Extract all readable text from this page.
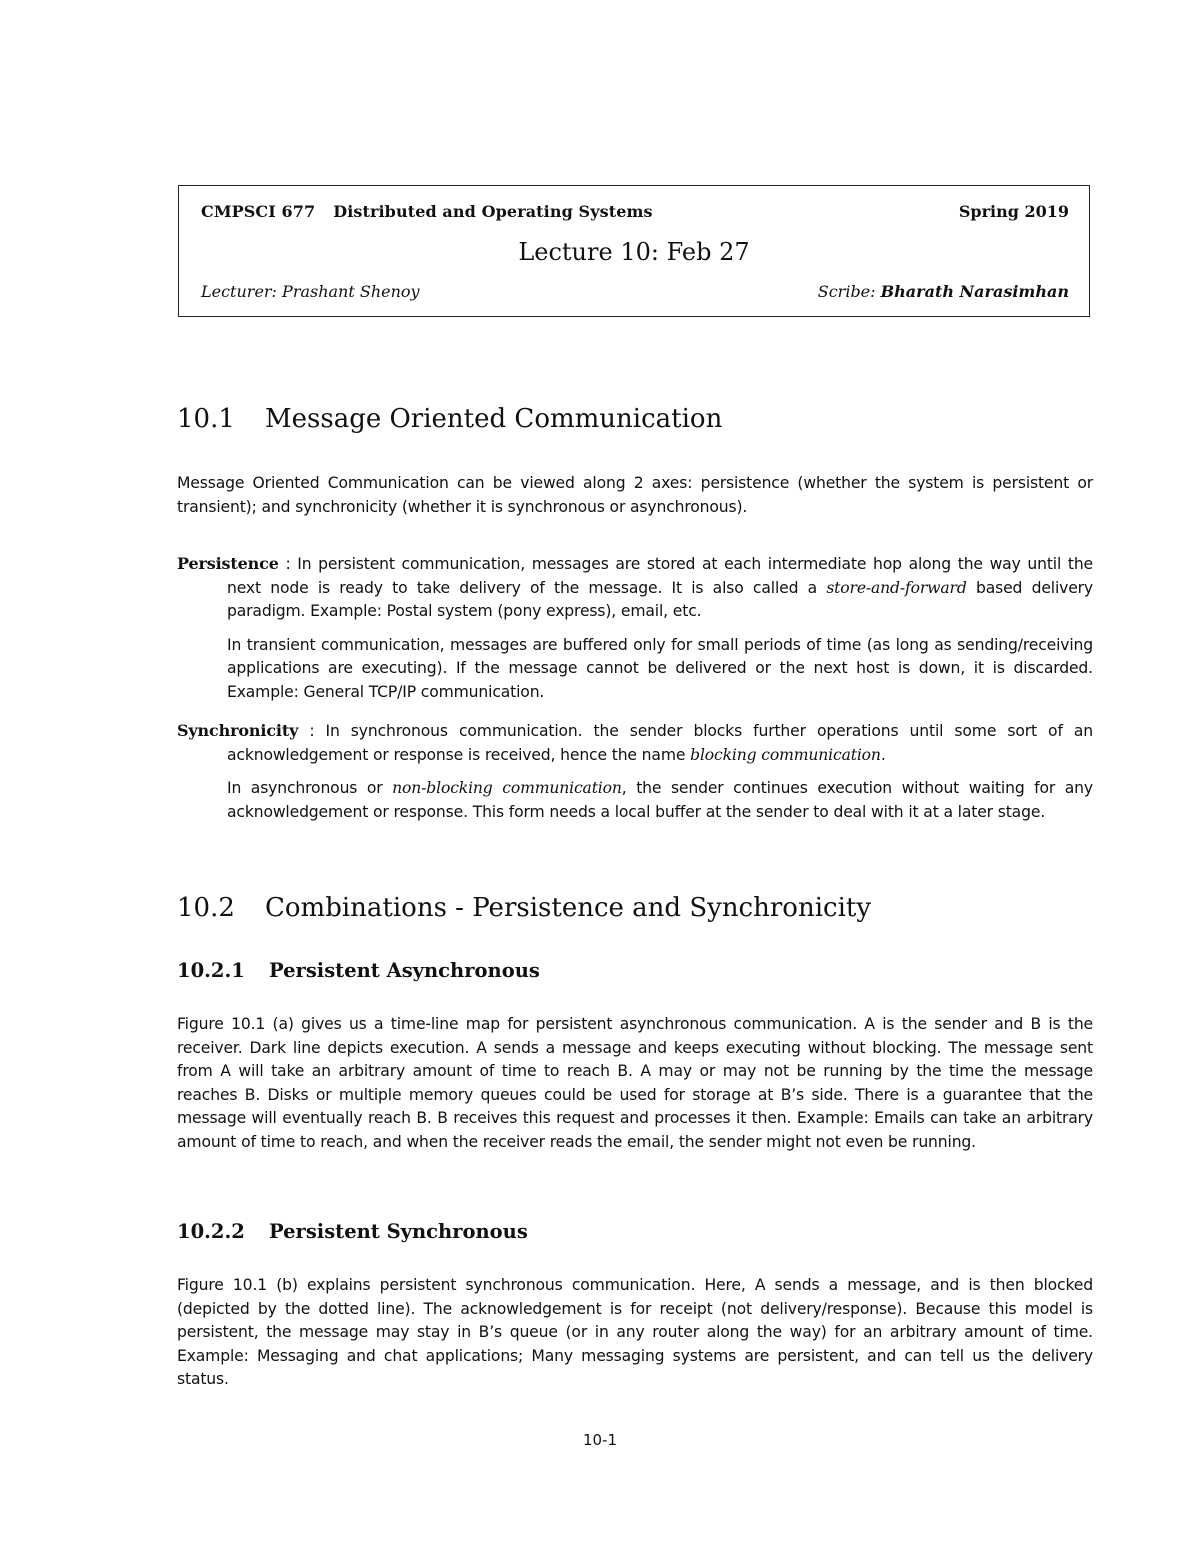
CMPSCI 677 Distributed and Operating Systems	Spring 2019
Lecture 10: Feb 27
Lecturer: Prashant Shenoy	Scribe: Bharath Narasimhan
10.1 Message Oriented Communication

Message Oriented Communication can be viewed along 2 axes: persistence (whether the system is persistent or transient); and synchronicity (whether it is synchronous or asynchronous).

Persistence : In persistent communication, messages are stored at each intermediate hop along the way until the next node is ready to take delivery of the message. It is also called a store-and-forward based delivery paradigm. Example: Postal system (pony express), email, etc.

In transient communication, messages are buffered only for small periods of time (as long as sending/receiving applications are executing). If the message cannot be delivered or the next host is down, it is discarded. Example: General TCP/IP communication.

Synchronicity : In synchronous communication. the sender blocks further operations until some sort of an acknowledgement or response is received, hence the name blocking communication.

In asynchronous or non-blocking communication, the sender continues execution without waiting for any acknowledgement or response. This form needs a local buffer at the sender to deal with it at a later stage.

10.2 Combinations - Persistence and Synchronicity
10.2.1 Persistent Asynchronous

Figure 10.1 (a) gives us a time-line map for persistent asynchronous communication. A is the sender and B is the receiver. Dark line depicts execution. A sends a message and keeps executing without blocking. The message sent from A will take an arbitrary amount of time to reach B. A may or may not be running by the time the message reaches B. Disks or multiple memory queues could be used for storage at B’s side. There is a guarantee that the message will eventually reach B. B receives this request and processes it then. Example: Emails can take an arbitrary amount of time to reach, and when the receiver reads the email, the sender might not even be running.

10.2.2 Persistent Synchronous

Figure 10.1 (b) explains persistent synchronous communication. Here, A sends a message, and is then blocked (depicted by the dotted line). The acknowledgement is for receipt (not delivery/response). Because this model is persistent, the message may stay in B’s queue (or in any router along the way) for an arbitrary amount of time. Example: Messaging and chat applications; Many messaging systems are persistent, and can tell us the delivery status.

10-1
